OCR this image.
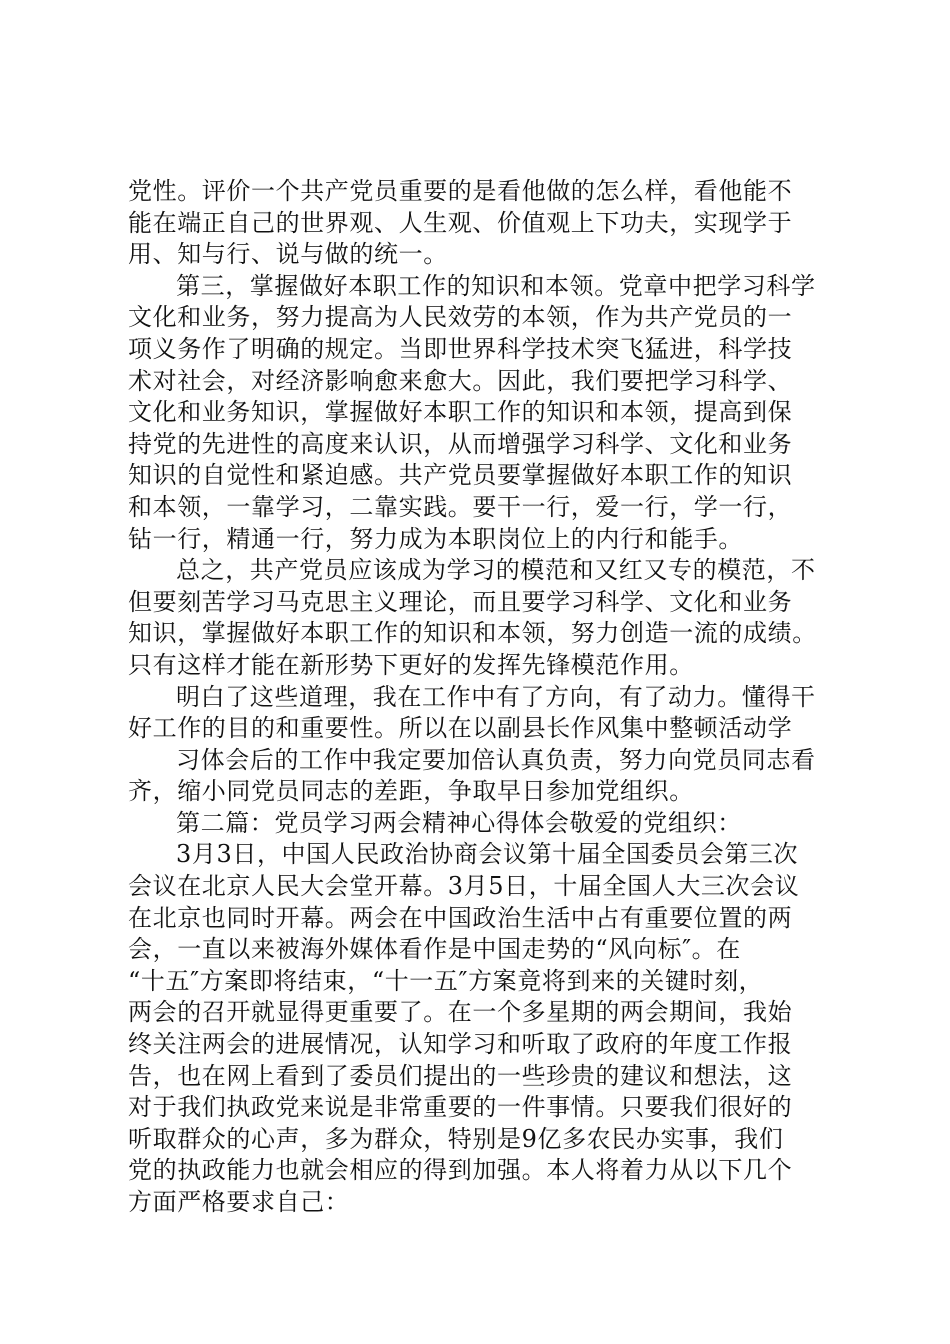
党性。评价一个共产党员重要的是看他做的怎么样，看他能不
能在端正自己的世界观、人生观、价值观上下功夫，实现学于
用、知与行、说与做的统一。
第三，掌握做好本职工作的知识和本领。党章中把学习科学
文化和业务，努力提高为人民效劳的本领，作为共产党员的一
项义务作了明确的规定。当即世界科学技术突飞猛进，科学技
术对社会，对经济影响愈来愈大。因此，我们要把学习科学、
文化和业务知识，掌握做好本职工作的知识和本领，提高到保
持党的先进性的高度来认识，从而增强学习科学、文化和业务
知识的自觉性和紧迫感。共产党员要掌握做好本职工作的知识
和本领，一靠学习，二靠实践。要干一行，爱一行，学一行，
钻一行，精通一行，努力成为本职岗位上的内行和能手。
总之，共产党员应该成为学习的模范和又红又专的模范，不
但要刻苦学习马克思主义理论，而且要学习科学、文化和业务
知识，掌握做好本职工作的知识和本领，努力创造一流的成绩。
只有这样才能在新形势下更好的发挥先锋模范作用。
明白了这些道理，我在工作中有了方向，有了动力。懂得干
好工作的目的和重要性。所以在以副县长作风集中整顿活动学
习体会后的工作中我定要加倍认真负责，努力向党员同志看
齐，缩小同党员同志的差距，争取早日参加党组织。
第二篇：党员学习两会精神心得体会敬爱的党组织：
3月3日，中国人民政治协商会议第十届全国委员会第三次
会议在北京人民大会堂开幕。3月5日，十届全国人大三次会议
在北京也同时开幕。两会在中国政治生活中占有重要位置的两
会，一直以来被海外媒体看作是中国走势的“风向标″。在
“十五″方案即将结束，“十一五″方案竟将到来的关键时刻，
两会的召开就显得更重要了。在一个多星期的两会期间，我始
终关注两会的进展情况，认知学习和听取了政府的年度工作报
告，也在网上看到了委员们提出的一些珍贵的建议和想法，这
对于我们执政党来说是非常重要的一件事情。只要我们很好的
听取群众的心声，多为群众，特别是9亿多农民办实事，我们
党的执政能力也就会相应的得到加强。本人将着力从以下几个
方面严格要求自己：
